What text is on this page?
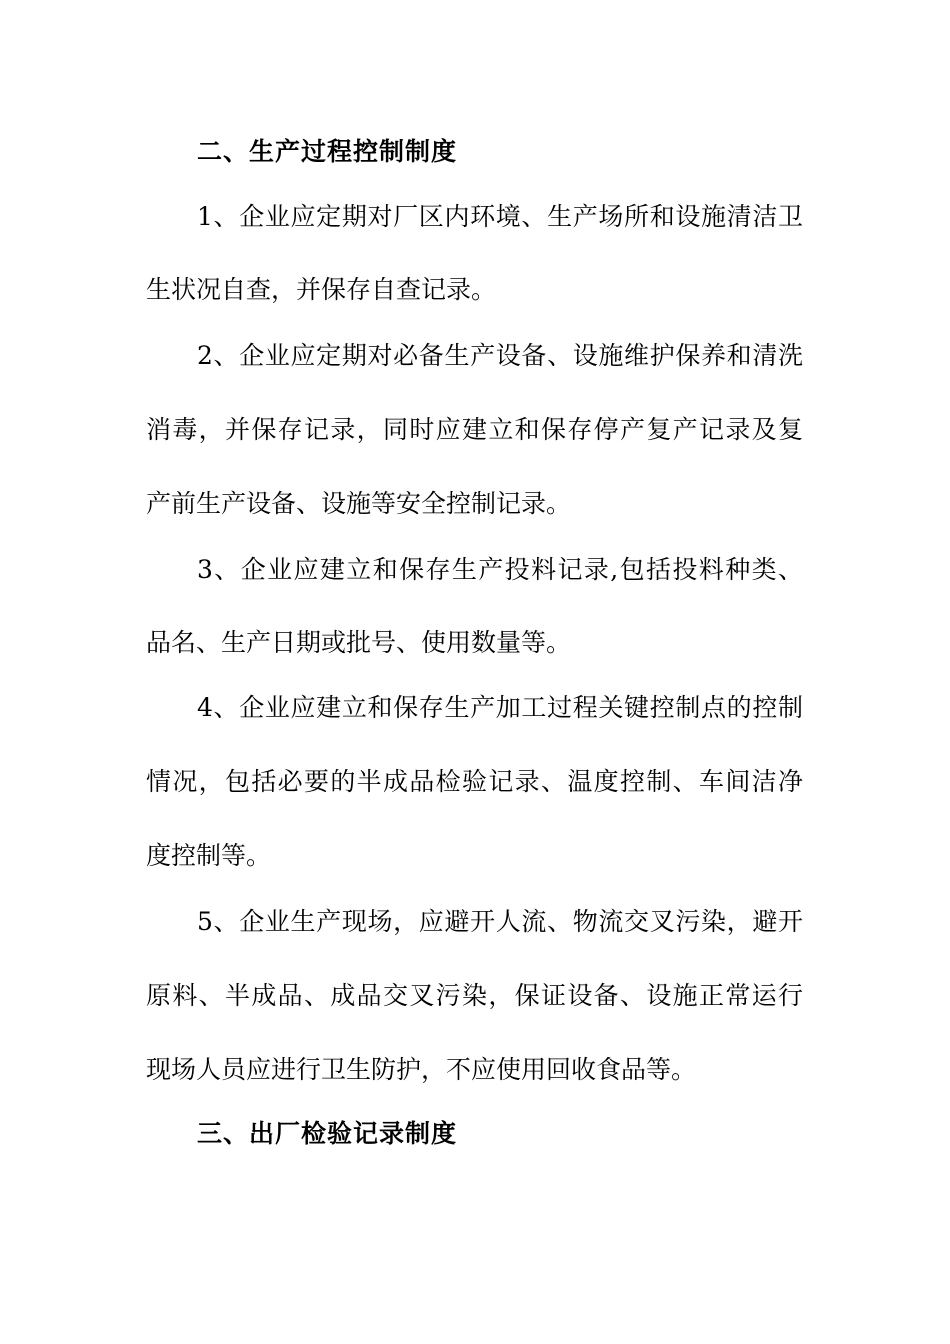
二、生产过程控制制度
1、企业应定期对厂区内环境、生产场所和设施清洁卫
生状况自查，并保存自查记录。
2、企业应定期对必备生产设备、设施维护保养和清洗
消毒，并保存记录，同时应建立和保存停产复产记录及复
产前生产设备、设施等安全控制记录。
3、企业应建立和保存生产投料记录,包括投料种类、
品名、生产日期或批号、使用数量等。
4、企业应建立和保存生产加工过程关键控制点的控制
情况，包括必要的半成品检验记录、温度控制、车间洁净
度控制等。
5、企业生产现场，应避开人流、物流交叉污染，避开
原料、半成品、成品交叉污染，保证设备、设施正常运行
现场人员应进行卫生防护，不应使用回收食品等。
三、出厂检验记录制度
